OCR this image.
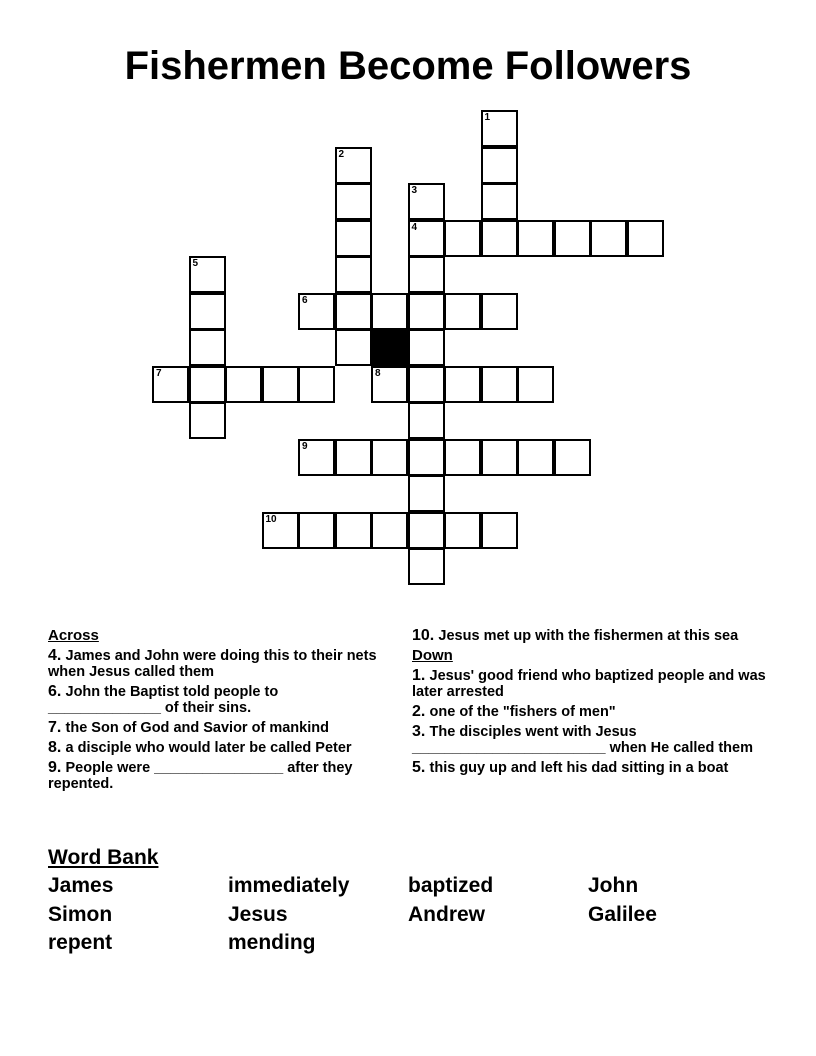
Fishermen Become Followers
1
2
3
4
5
6
7	8
9
10
Across
4. James and John were doing this to their nets when Jesus called them
6. John the Baptist told people to ______________ of their sins.
7. the Son of God and Savior of mankind
8. a disciple who would later be called Peter
9. People were ________________ after they repented.
10. Jesus met up with the fishermen at this sea
Down
1. Jesus' good friend who baptized people and was later arrested
2. one of the "fishers of men"
3. The disciples went with Jesus ________________________ when He called them
5. this guy up and left his dad sitting in a boat
Word Bank
James	immediately	baptized	John
Simon	Jesus	Andrew	Galilee
repent	mending
